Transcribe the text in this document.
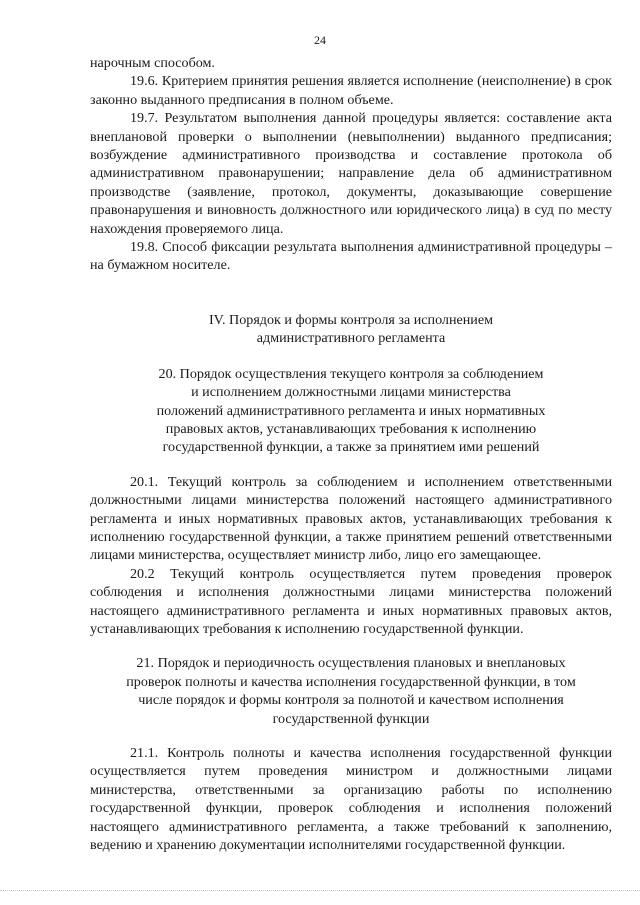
24

нарочным способом.

19.6. Критерием принятия решения является исполнение (неисполнение) в срок законно выданного предписания в полном объеме.

19.7. Результатом выполнения данной процедуры является: составление акта внеплановой проверки о выполнении (невыполнении) выданного предписания; возбуждение административного производства и составление протокола об административном правонарушении; направление дела об административном производстве (заявление, протокол, документы, доказывающие совершение правонарушения и виновность должностного или юридического лица) в суд по месту нахождения проверяемого лица.

19.8. Способ фиксации результата выполнения административной процедуры – на бумажном носителе.

IV. Порядок и формы контроля за исполнением
административного регламента

20. Порядок осуществления текущего контроля за соблюдением
и исполнением должностными лицами министерства
положений административного регламента и иных нормативных
правовых актов, устанавливающих требования к исполнению
государственной функции, а также за принятием ими решений

20.1. Текущий контроль за соблюдением и исполнением ответственными должностными лицами министерства положений настоящего административного регламента и иных нормативных правовых актов, устанавливающих требования к исполнению государственной функции, а также принятием решений ответственными лицами министерства, осуществляет министр либо, лицо его замещающее.

20.2 Текущий контроль осуществляется путем проведения проверок соблюдения и исполнения должностными лицами министерства положений настоящего административного регламента и иных нормативных правовых актов, устанавливающих требования к исполнению государственной функции.

21. Порядок и периодичность осуществления плановых и внеплановых
проверок полноты и качества исполнения государственной функции, в том
числе порядок и формы контроля за полнотой и качеством исполнения
государственной функции

21.1. Контроль полноты и качества исполнения государственной функции осуществляется путем проведения министром и должностными лицами министерства, ответственными за организацию работы по исполнению государственной функции, проверок соблюдения и исполнения положений настоящего административного регламента, а также требований к заполнению, ведению и хранению документации исполнителями государственной функции.
